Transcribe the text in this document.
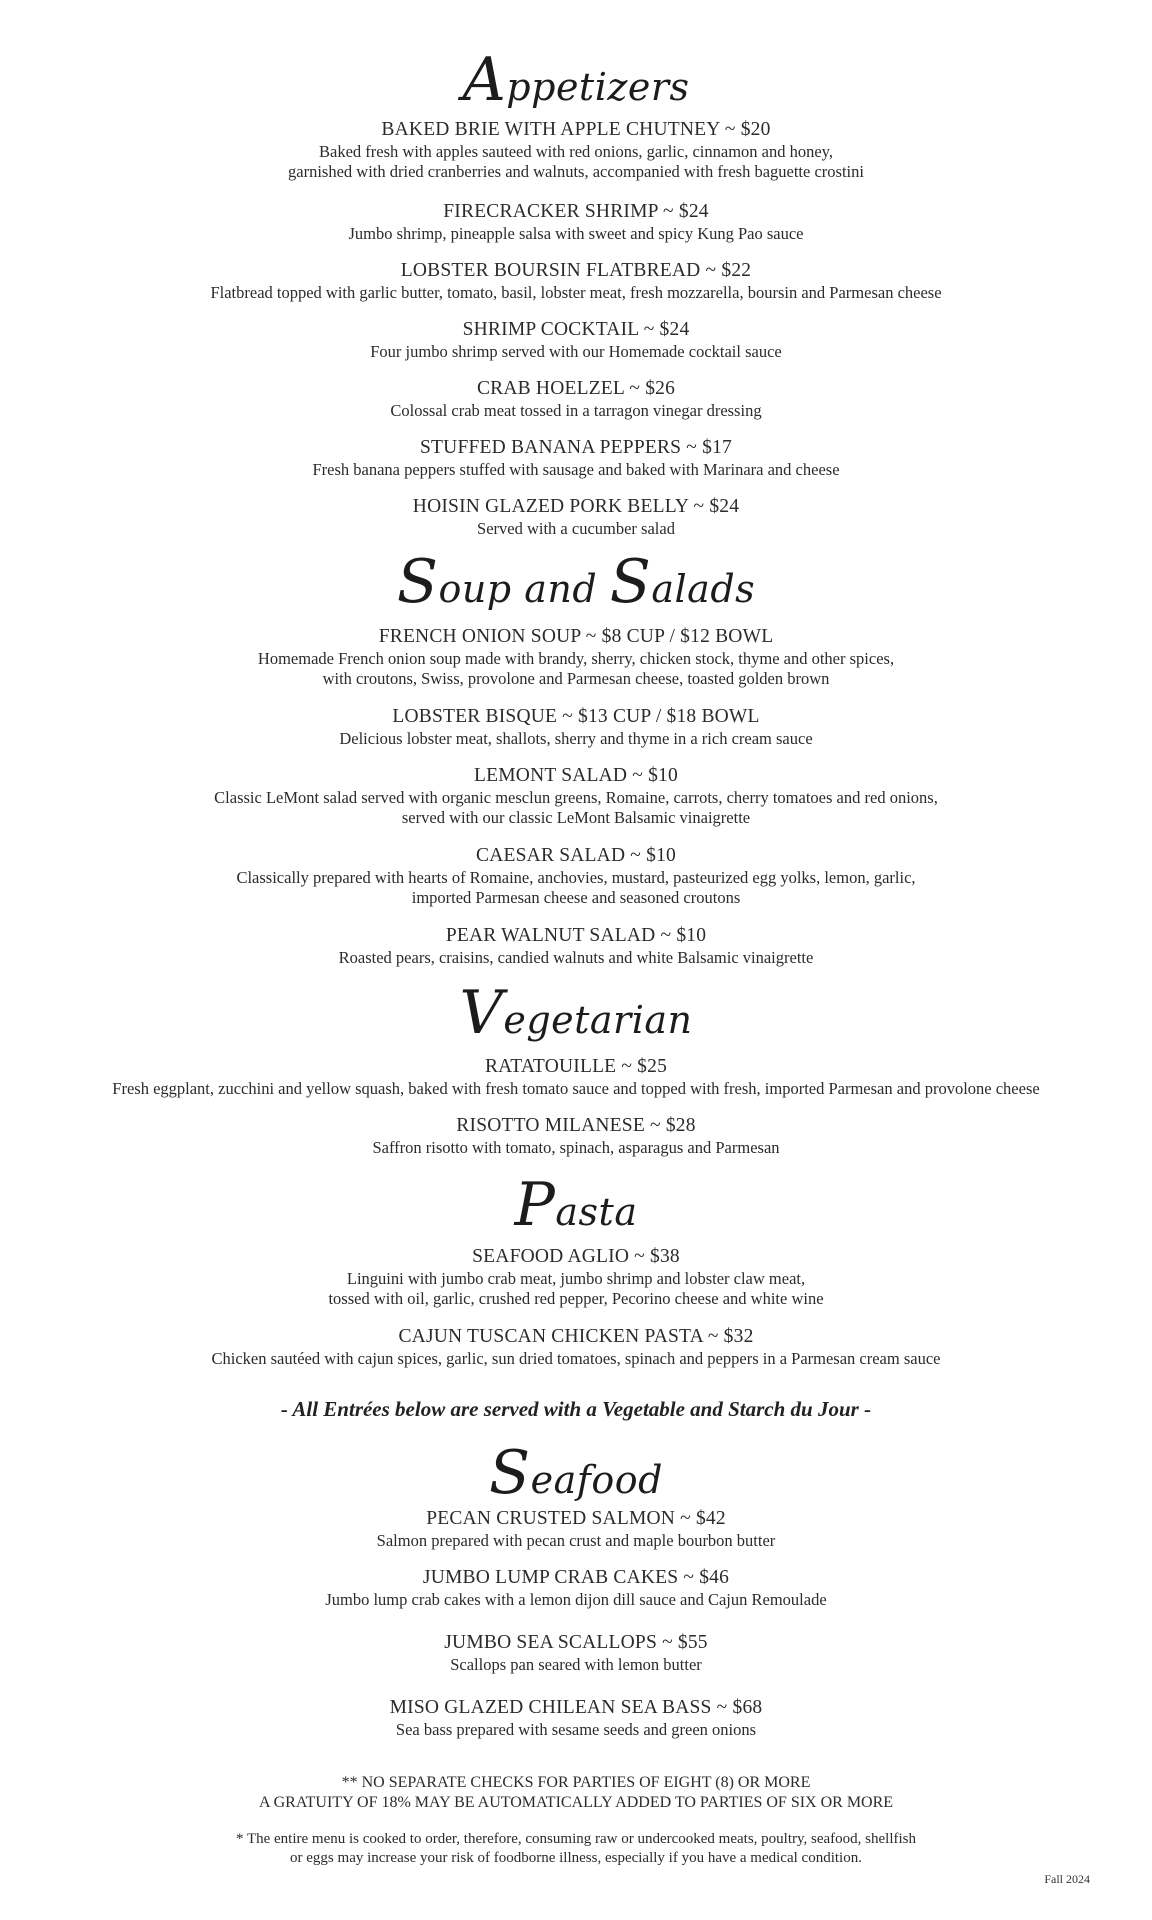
Appetizers
BAKED BRIE WITH APPLE CHUTNEY ~ $20
Baked fresh with apples sauteed with red onions, garlic, cinnamon and honey,
garnished with dried cranberries and walnuts, accompanied with fresh baguette crostini
FIRECRACKER SHRIMP ~ $24
Jumbo shrimp, pineapple salsa with sweet and spicy Kung Pao sauce
LOBSTER BOURSIN FLATBREAD ~ $22
Flatbread topped with garlic butter, tomato, basil, lobster meat, fresh mozzarella, boursin and Parmesan cheese
SHRIMP COCKTAIL ~ $24
Four jumbo shrimp served with our Homemade cocktail sauce
CRAB HOELZEL ~ $26
Colossal crab meat tossed in a tarragon vinegar dressing
STUFFED BANANA PEPPERS ~ $17
Fresh banana peppers stuffed with sausage and baked with Marinara and cheese
HOISIN GLAZED PORK BELLY ~ $24
Served with a cucumber salad
Soup and Salads
FRENCH ONION SOUP ~ $8 CUP / $12 BOWL
Homemade French onion soup made with brandy, sherry, chicken stock, thyme and other spices,
with croutons, Swiss, provolone and Parmesan cheese, toasted golden brown
LOBSTER BISQUE ~ $13 CUP / $18 BOWL
Delicious lobster meat, shallots, sherry and thyme in a rich cream sauce
LEMONT SALAD ~ $10
Classic LeMont salad served with organic mesclun greens, Romaine, carrots, cherry tomatoes and red onions,
served with our classic LeMont Balsamic vinaigrette
CAESAR SALAD ~ $10
Classically prepared with hearts of Romaine, anchovies, mustard, pasteurized egg yolks, lemon, garlic,
imported Parmesan cheese and seasoned croutons
PEAR WALNUT SALAD ~ $10
Roasted pears, craisins, candied walnuts and white Balsamic vinaigrette
Vegetarian
RATATOUILLE ~ $25
Fresh eggplant, zucchini and yellow squash, baked with fresh tomato sauce and topped with fresh, imported Parmesan and provolone cheese
RISOTTO MILANESE ~ $28
Saffron risotto with tomato, spinach, asparagus and Parmesan
Pasta
SEAFOOD AGLIO ~ $38
Linguini with jumbo crab meat, jumbo shrimp and lobster claw meat,
tossed with oil, garlic, crushed red pepper, Pecorino cheese and white wine
CAJUN TUSCAN CHICKEN PASTA ~ $32
Chicken sautéed with cajun spices, garlic, sun dried tomatoes, spinach and peppers in a Parmesan cream sauce
- All Entrées below are served with a Vegetable and Starch du Jour -
Seafood
PECAN CRUSTED SALMON ~ $42
Salmon prepared with pecan crust and maple bourbon butter
JUMBO LUMP CRAB CAKES ~ $46
Jumbo lump crab cakes with a lemon dijon dill sauce and Cajun Remoulade
JUMBO SEA SCALLOPS ~ $55
Scallops pan seared with lemon butter
MISO GLAZED CHILEAN SEA BASS ~ $68
Sea bass prepared with sesame seeds and green onions
** NO SEPARATE CHECKS FOR PARTIES OF EIGHT (8) OR MORE
A GRATUITY OF 18% MAY BE AUTOMATICALLY ADDED TO PARTIES OF SIX OR MORE
* The entire menu is cooked to order, therefore, consuming raw or undercooked meats, poultry, seafood, shellfish
or eggs may increase your risk of foodborne illness, especially if you have a medical condition.
Fall 2024
